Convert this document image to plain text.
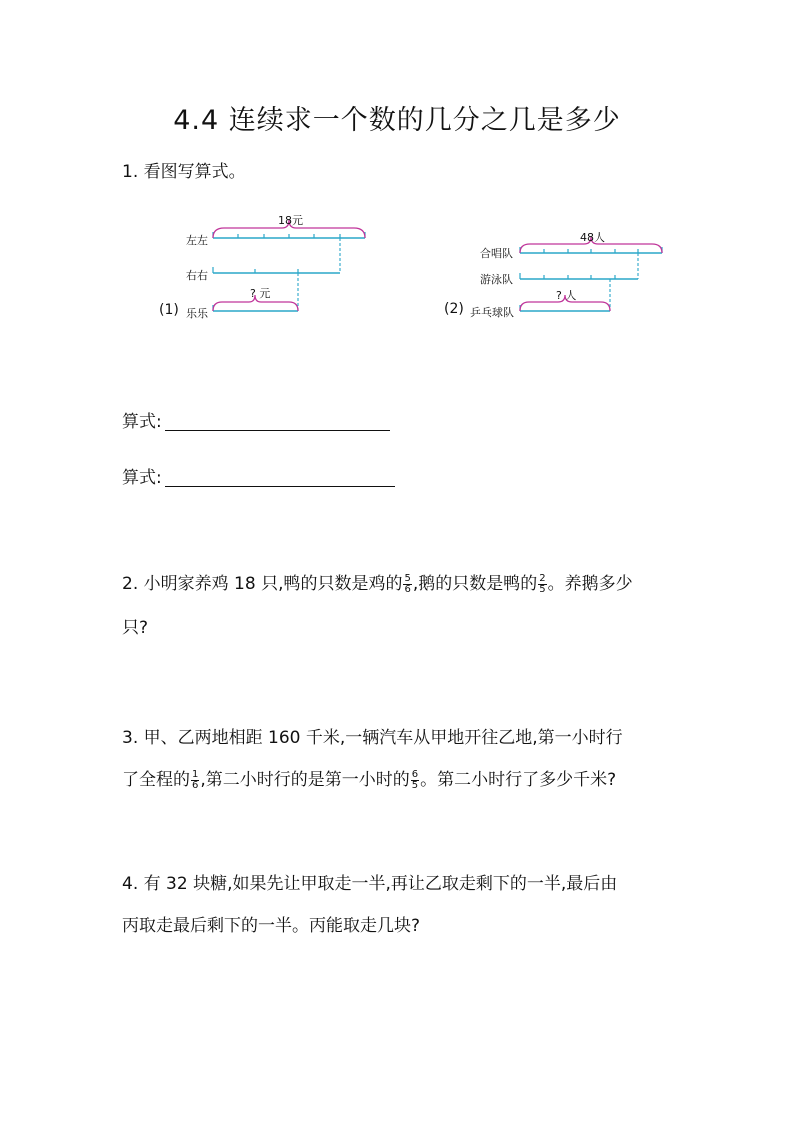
4.4 连续求一个数的几分之几是多少
1. 看图写算式。
18元
左左
右右
(1) 乐乐
? 元
48人
合唱队
游泳队
(2) 乒乓球队
? 人
算式:
算式:
2. 小明家养鸡 18 只,鸭的只数是鸡的 $\frac{5}{6}$ ,鹅的只数是鸭的 $\frac{2}{5}$ 。养鹅多少
只?
3. 甲、乙两地相距 160 千米,一辆汽车从甲地开往乙地,第一小时行
了全程的 $\frac{1}{6}$ ,第二小时行的是第一小时的 $\frac{6}{5}$ 。第二小时行了多少千米?
4. 有 32 块糖,如果先让甲取走一半,再让乙取走剩下的一半,最后由
丙取走最后剩下的一半。丙能取走几块?
